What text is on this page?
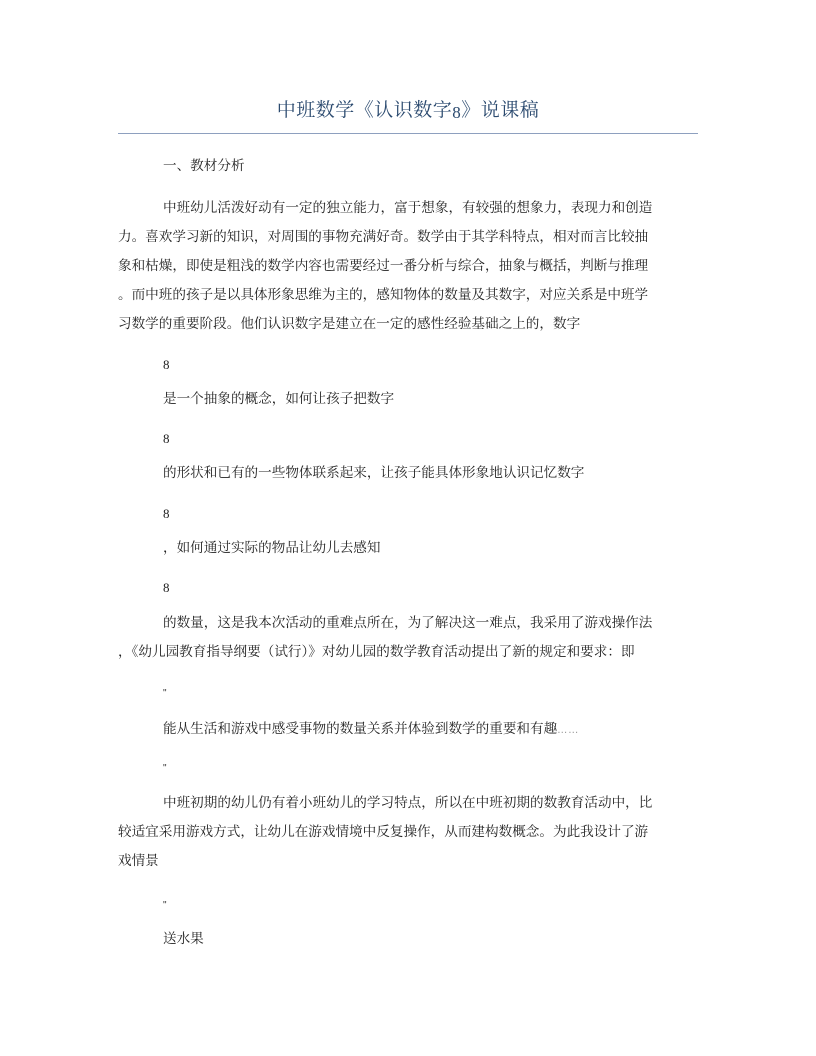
中班数学《认识数字8》说课稿
一、教材分析
中班幼儿活泼好动有一定的独立能力，富于想象，有较强的想象力，表现力和创造
力。喜欢学习新的知识，对周围的事物充满好奇。数学由于其学科特点，相对而言比较抽
象和枯燥，即使是粗浅的数学内容也需要经过一番分析与综合，抽象与概括，判断与推理
。而中班的孩子是以具体形象思维为主的，感知物体的数量及其数字，对应关系是中班学
习数学的重要阶段。他们认识数字是建立在一定的感性经验基础之上的，数字
8
是一个抽象的概念，如何让孩子把数字
8
的形状和已有的一些物体联系起来，让孩子能具体形象地认识记忆数字
8
，如何通过实际的物品让幼儿去感知
8
的数量，这是我本次活动的重难点所在，为了解决这一难点，我采用了游戏操作法
，《幼儿园教育指导纲要（试行）》对幼儿园的数学教育活动提出了新的规定和要求：即
"
能从生活和游戏中感受事物的数量关系并体验到数学的重要和有趣……
"
中班初期的幼儿仍有着小班幼儿的学习特点，所以在中班初期的数教育活动中，比
较适宜采用游戏方式，让幼儿在游戏情境中反复操作，从而建构数概念。为此我设计了游
戏情景
"
送水果
